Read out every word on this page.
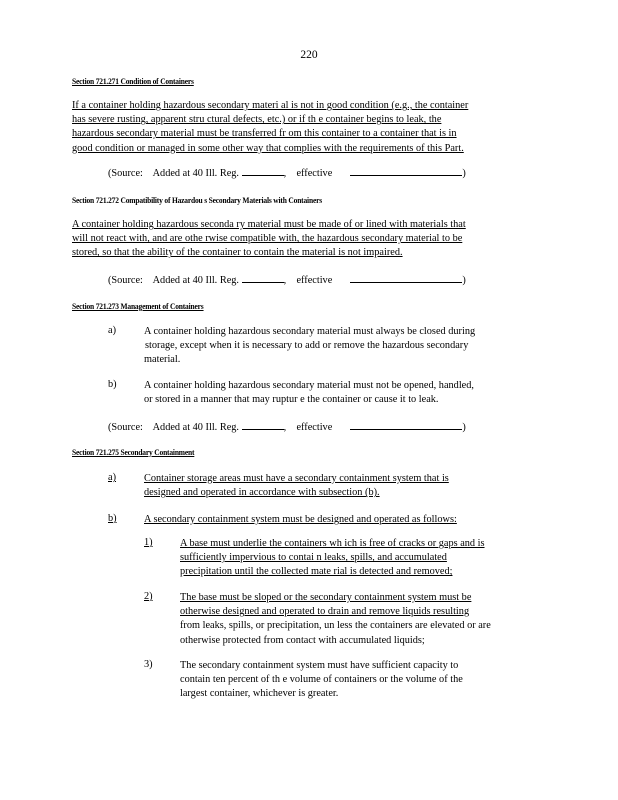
220
Section 721.271 Condition of Containers
If a container holding hazardous secondary materi al is not in good condition (e.g., the container
has severe rusting, apparent stru ctural defects, etc.) or if th e container begins to leak, the
hazardous secondary material must be transferred fr om this container to a container that is in
good condition or managed in some other way that complies with the requirements of this Part.
(Source: Added at 40 Ill. Reg.	, effective	)
Section 721.272 Compatibility of Hazardou s Secondary Materials with Containers
A container holding hazardous seconda ry material must be made of or lined with materials that
will not react with, and are othe rwise compatible with, the hazardous secondary material to be
stored, so that the ability of the container to contain the material is not impaired.
(Source: Added at 40 Ill. Reg.	, effective	)
Section 721.273 Management of Containers
a)	A container holding hazardous secondary material must always be closed during
storage, except when it is necessary to add or remove the hazardous secondary
material.
b)	A container holding hazardous secondary material must not be opened, handled,
or stored in a manner that may ruptur e the container or cause it to leak.
(Source: Added at 40 Ill. Reg.	, effective	)
Section 721.275 Secondary Containment
a)	Container storage areas must have a secondary containment system that is
designed and operated in accordance with subsection (b).
b)	A secondary containment system must be designed and operated as follows:
1)	A base must underlie the containers wh ich is free of cracks or gaps and is
sufficiently impervious to contai n leaks, spills, and accumulated
precipitation until the collected mate rial is detected and removed;
2)	The base must be sloped or the secondary containment system must be
otherwise designed and operated to drain and remove liquids resulting
from leaks, spills, or precipitation, un less the containers are elevated or are
otherwise protected from contact with accumulated liquids;
3)	The secondary containment system must have sufficient capacity to
contain ten percent of th e volume of containers or the volume of the
largest container, whichever is greater.
